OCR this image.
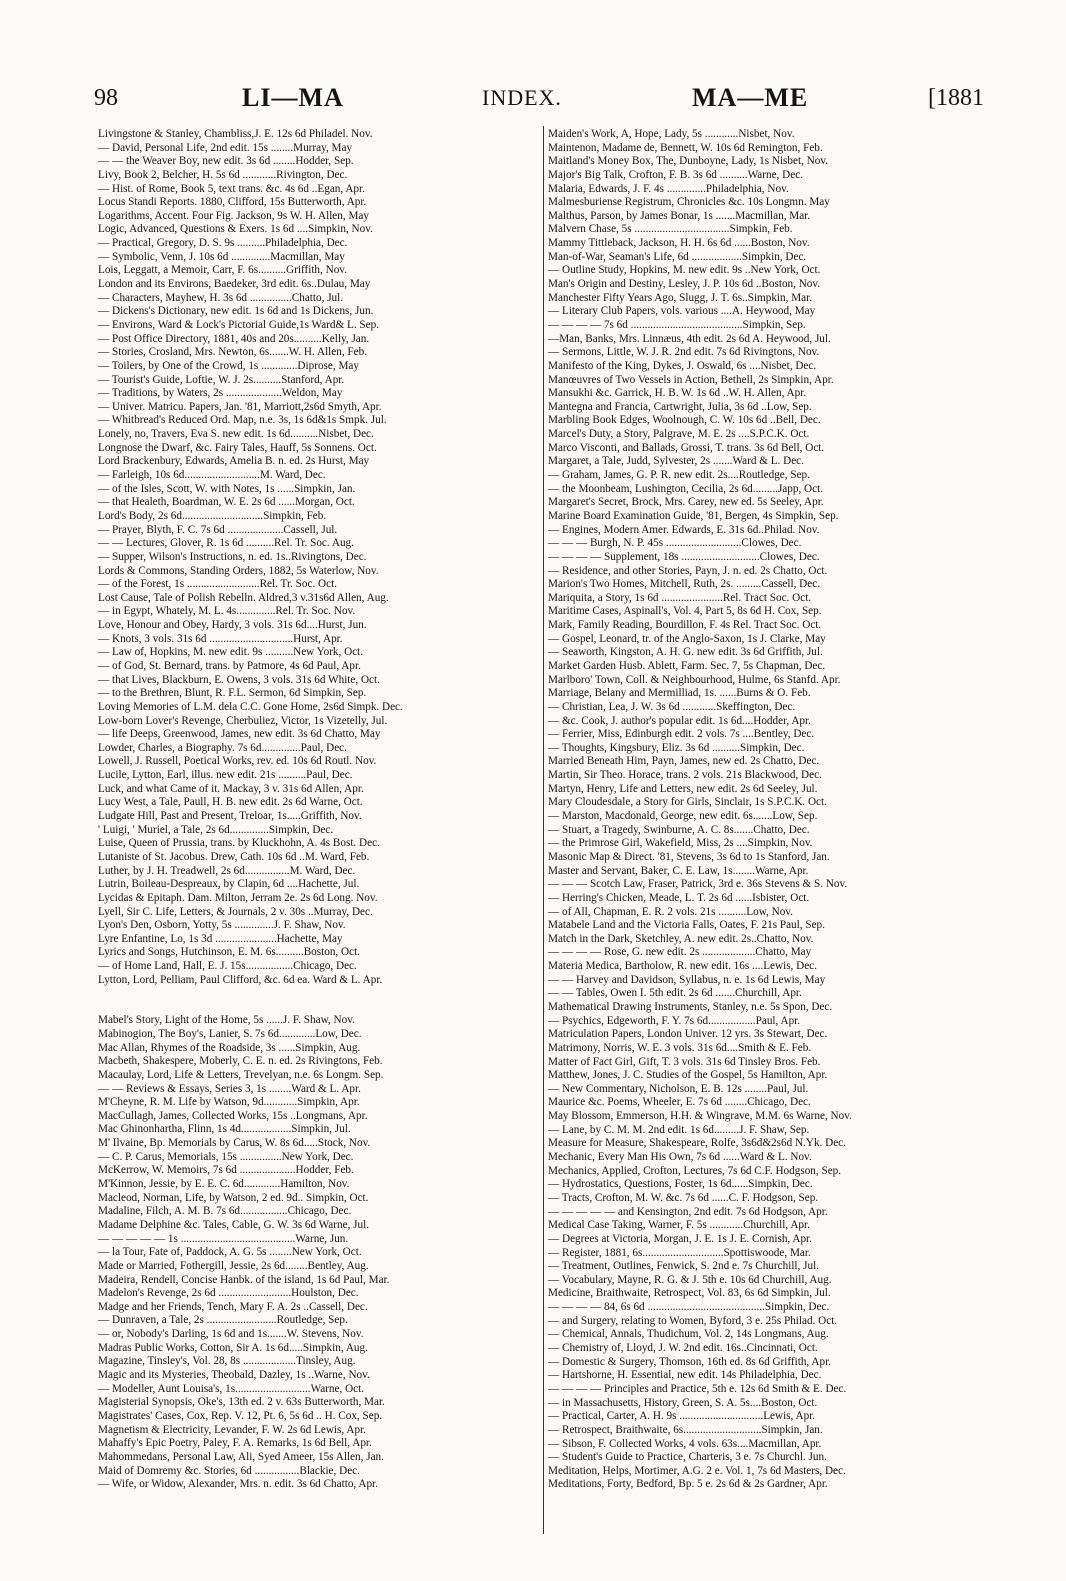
98	LI—MA	INDEX.	MA—ME	[1881
Livingstone & Stanley, Chambliss,J. E. 12s 6d Philadel. Nov.
— David, Personal Life, 2nd edit. 15s ........Murray, May
— — the Weaver Boy, new edit. 3s 6d ........Hodder, Sep.
Livy, Book 2, Belcher, H. 5s 6d ............Rivington, Dec.
— Hist. of Rome, Book 5, text trans. &c. 4s 6d ..Egan, Apr.
Locus Standi Reports. 1880, Clifford, 15s Butterworth, Apr.
Logarithms, Accent. Four Fig. Jackson, 9s W. H. Allen, May
Logic, Advanced, Questions & Exers. 1s 6d ....Simpkin, Nov.
— Practical, Gregory, D. S. 9s ..........Philadelphia, Dec.
— Symbolic, Venn, J. 10s 6d ..............Macmillan, May
Lois, Leggatt, a Memoir, Carr, F. 6s..........Griffith, Nov.
London and its Environs, Baedeker, 3rd edit. 6s..Dulau, May
— Characters, Mayhew, H. 3s 6d ...............Chatto, Jul.
— Dickens's Dictionary, new edit. 1s 6d and 1s Dickens, Jun.
— Environs, Ward & Lock's Pictorial Guide,1s Ward& L. Sep.
— Post Office Directory, 1881, 40s and 20s..........Kelly, Jan.
— Stories, Crosland, Mrs. Newton, 6s.......W. H. Allen, Feb.
— Toilers, by One of the Crowd, 1s .............Diprose, May
— Tourist's Guide, Loftie, W. J. 2s..........Stanford, Apr.
— Traditions, by Waters, 2s ....................Weldon, May
— Univer. Matricu. Papers, Jan. '81, Marriott,2s6d Smyth, Apr.
— Whitbread's Reduced Ord. Map, n.e. 3s, 1s 6d&1s Smpk. Jul.
Lonely, no, Travers, Eva S. new edit. 1s 6d..........Nisbet, Dec.
Longnose the Dwarf, &c. Fairy Tales, Hauff, 5s Sonnens. Oct.
Lord Brackenbury, Edwards, Amelia B. n. ed. 2s Hurst, May
— Farleigh, 10s 6d...........................M. Ward, Dec.
— of the Isles, Scott, W. with Notes, 1s ......Simpkin, Jan.
— that Healeth, Boardman, W. E. 2s 6d ......Morgan, Oct.
Lord's Body, 2s 6d.............................Simpkin, Feb.
— Prayer, Blyth, F. C. 7s 6d ....................Cassell, Jul.
— — Lectures, Glover, R. 1s 6d ..........Rel. Tr. Soc. Aug.
— Supper, Wilson's Instructions, n. ed. 1s..Rivingtons, Dec.
Lords & Commons, Standing Orders, 1882, 5s Waterlow, Nov.
— of the Forest, 1s ..........................Rel. Tr. Soc. Oct.
Lost Cause, Tale of Polish Rebelln. Aldred,3 v.31s6d Allen, Aug.
— in Egypt, Whately, M. L. 4s..............Rel. Tr. Soc. Nov.
Love, Honour and Obey, Hardy, 3 vols. 31s 6d....Hurst, Jun.
— Knots, 3 vols. 31s 6d ..............................Hurst, Apr.
— Law of, Hopkins, M. new edit. 9s ..........New York, Oct.
— of God, St. Bernard, trans. by Patmore, 4s 6d Paul, Apr.
— that Lives, Blackburn, E. Owens, 3 vols. 31s 6d White, Oct.
— to the Brethren, Blunt, R. F.L. Sermon, 6d Simpkin, Sep.
Loving Memories of L.M. dela C.C. Gone Home, 2s6d Simpk. Dec.
Low-born Lover's Revenge, Cherbuliez, Victor, 1s Vizetelly, Jul.
— life Deeps, Greenwood, James, new edit. 3s 6d Chatto, May
Lowder, Charles, a Biography. 7s 6d..............Paul, Dec.
Lowell, J. Russell, Poetical Works, rev. ed. 10s 6d Routl. Nov.
Lucile, Lytton, Earl, illus. new edit. 21s ..........Paul, Dec.
Luck, and what Came of it. Mackay, 3 v. 31s 6d Allen, Apr.
Lucy West, a Tale, Paull, H. B. new edit. 2s 6d Warne, Oct.
Ludgate Hill, Past and Present, Treloar, 1s.....Griffith, Nov.
' Luigi, ' Muriel, a Tale, 2s 6d..............Simpkin, Dec.
Luise, Queen of Prussia, trans. by Kluckhohn, A. 4s Bost. Dec.
Lutaniste of St. Jacobus. Drew, Cath. 10s 6d ..M. Ward, Feb.
Luther, by J. H. Treadwell, 2s 6d................M. Ward, Dec.
Lutrin, Boileau-Despreaux, by Clapin, 6d ....Hachette, Jul.
Lycidas & Epitaph. Dam. Milton, Jerram 2e. 2s 6d Long. Nov.
Lyell, Sir C. Life, Letters, & Journals, 2 v. 30s ..Murray, Dec.
Lyon's Den, Osborn, Yotty, 5s ..............J. F. Shaw, Nov.
Lyre Enfantine, Lo, 1s 3d ......................Hachette, May
Lyrics and Songs, Hutchinson, E. M. 6s..........Boston, Oct.
— of Home Land, Hall, E. J. 15s.................Chicago, Dec.
Lytton, Lord, Pelliam, Paul Clifford, &c. 6d ea. Ward & L. Apr.
Mabel's Story, Light of the Home, 5s ......J. F. Shaw, Nov.
Mabinogion, The Boy's, Lanier, S. 7s 6d.............Low, Dec.
Mac Allan, Rhymes of the Roadside, 3s ......Simpkin, Aug.
Macbeth, Shakespere, Moberly, C. E. n. ed. 2s Rivingtons, Feb.
Macaulay, Lord, Life & Letters, Trevelyan, n.e. 6s Longm. Sep.
— — Reviews & Essays, Series 3, 1s ........Ward & L. Apr.
M'Cheyne, R. M. Life by Watson, 9d............Simpkin, Apr.
MacCullagh, James, Collected Works, 15s ..Longmans, Apr.
Mac Ghinonhartha, Flinn, 1s 4d..................Simpkin, Jul.
M' Ilvaine, Bp. Memorials by Carus, W. 8s 6d.....Stock, Nov.
— C. P. Carus, Memorials, 15s ...............New York, Dec.
McKerrow, W. Memoirs, 7s 6d ....................Hodder, Feb.
M'Kinnon, Jessie, by E. E. C. 6d.............Hamilton, Nov.
Macleod, Norman, Life, by Watson, 2 ed. 9d.. Simpkin, Oct.
Madaline, Filch, A. M. B. 7s 6d.................Chicago, Dec.
Madame Delphine &c. Tales, Cable, G. W. 3s 6d Warne, Jul.
— — — — — 1s .........................................Warne, Jun.
— la Tour, Fate of, Paddock, A. G. 5s ........New York, Oct.
Made or Married, Fothergill, Jessie, 2s 6d........Bentley, Aug.
Madeira, Rendell, Concise Hanbk. of the island, 1s 6d Paul, Mar.
Madelon's Revenge, 2s 6d ..........................Houlston, Dec.
Madge and her Friends, Tench, Mary F. A. 2s ..Cassell, Dec.
— Dunraven, a Tale, 2s .........................Routledge, Sep.
— or, Nobody's Darling, 1s 6d and 1s.......W. Stevens, Nov.
Madras Public Works, Cotton, Sir A. 1s 6d.....Simpkin, Aug.
Magazine, Tinsley's, Vol. 28, 8s ...................Tinsley, Aug.
Magic and its Mysteries, Theobald, Dazley, 1s ..Warne, Nov.
— Modeller, Aunt Louisa's, 1s...........................Warne, Oct.
Magisterial Synopsis, Oke's, 13th ed. 2 v. 63s Butterworth, Mar.
Magistrates' Cases, Cox, Rep. V. 12, Pt. 6, 5s 6d .. H. Cox, Sep.
Magnetism & Electricity, Levander, F. W. 2s 6d Lewis, Apr.
Mahaffy's Epic Poetry, Paley, F. A. Remarks, 1s 6d Bell, Apr.
Mahommedans, Personal Law, Ali, Syed Ameer, 15s Allen, Jan.
Maid of Domremy &c. Stories, 6d ................Blackie, Dec.
— Wife, or Widow, Alexander, Mrs. n. edit. 3s 6d Chatto, Apr.
Maiden's Work, A, Hope, Lady, 5s ............Nisbet, Nov.
Maintenon, Madame de, Bennett, W. 10s 6d Remington, Feb.
Maitland's Money Box, The, Dunboyne, Lady, 1s Nisbet, Nov.
Major's Big Talk, Crofton, F. B. 3s 6d ..........Warne, Dec.
Malaria, Edwards, J. F. 4s ..............Philadelphia, Nov.
Malmesburiense Registrum, Chronicles &c. 10s Longmn. May
Malthus, Parson, by James Bonar, 1s .......Macmillan, Mar.
Malvern Chase, 5s ..................................Simpkin, Feb.
Mammy Tittleback, Jackson, H. H. 6s 6d ......Boston, Nov.
Man-of-War, Seaman's Life, 6d ..................Simpkin, Dec.
— Outline Study, Hopkins, M. new edit. 9s ..New York, Oct.
Man's Origin and Destiny, Lesley, J. P. 10s 6d ..Boston, Nov.
Manchester Fifty Years Ago, Slugg, J. T. 6s..Simpkin, Mar.
— Literary Club Papers, vols. various ....A. Heywood, May
— — — — 7s 6d ........................................Simpkin, Sep.
—Man, Banks, Mrs. Linnæus, 4th edit. 2s 6d A. Heywood, Jul.
— Sermons, Little, W. J. R. 2nd edit. 7s 6d Rivingtons, Nov.
Manifesto of the King, Dykes, J. Oswald, 6s ....Nisbet, Dec.
Manœuvres of Two Vessels in Action, Bethell, 2s Simpkin, Apr.
Mansukhi &c. Garrick, H. B. W. 1s 6d ..W. H. Allen, Apr.
Mantegna and Francia, Cartwright, Julia, 3s 6d ..Low, Sep.
Marbling Book Edges, Woolnough, C. W. 10s 6d ..Bell, Dec.
Marcel's Duty, a Story, Palgrave, M. E. 2s ....S.P.C.K. Oct.
Marco Visconti, and Ballads, Grossi, T. trans. 3s 6d Bell, Oct.
Margaret, a Tale, Judd, Sylvester, 2s .......Ward & L. Dec.
— Graham, James, G. P. R. new edit. 2s....Routledge, Sep.
— the Moonbeam, Lushington, Cecilia, 2s 6d.........Japp, Oct.
Margaret's Secret, Brock, Mrs. Carey, new ed. 5s Seeley, Apr.
Marine Board Examination Guide, '81, Bergen, 4s Simpkin, Sep.
— Engines, Modern Amer. Edwards, E. 31s 6d..Philad. Nov.
— — — Burgh, N. P. 45s ...........................Clowes, Dec.
— — — — Supplement, 18s ............................Clowes, Dec.
— Residence, and other Stories, Payn, J. n. ed. 2s Chatto, Oct.
Marion's Two Homes, Mitchell, Ruth, 2s. .........Cassell, Dec.
Mariquita, a Story, 1s 6d ......................Rel. Tract Soc. Oct.
Maritime Cases, Aspinall's, Vol. 4, Part 5, 8s 6d H. Cox, Sep.
Mark, Family Reading, Bourdillon, F. 4s Rel. Tract Soc. Oct.
— Gospel, Leonard, tr. of the Anglo-Saxon, 1s J. Clarke, May
— Seaworth, Kingston, A. H. G. new edit. 3s 6d Griffith, Jul.
Market Garden Husb. Ablett, Farm. Sec. 7, 5s Chapman, Dec.
Marlboro' Town, Coll. & Neighbourhood, Hulme, 6s Stanfd. Apr.
Marriage, Belany and Mermilliad, 1s. ......Burns & O. Feb.
— Christian, Lea, J. W. 3s 6d ............Skeffington, Dec.
— &c. Cook, J. author's popular edit. 1s 6d....Hodder, Apr.
— Ferrier, Miss, Edinburgh edit. 2 vols. 7s ....Bentley, Dec.
— Thoughts, Kingsbury, Eliz. 3s 6d ..........Simpkin, Dec.
Married Beneath Him, Payn, James, new ed. 2s Chatto, Dec.
Martin, Sir Theo. Horace, trans. 2 vols. 21s Blackwood, Dec.
Martyn, Henry, Life and Letters, new edit. 2s 6d Seeley, Jul.
Mary Cloudesdale, a Story for Girls, Sinclair, 1s S.P.C.K. Oct.
— Marston, Macdonald, George, new edit. 6s.......Low, Sep.
— Stuart, a Tragedy, Swinburne, A. C. 8s.......Chatto, Dec.
— the Primrose Girl, Wakefield, Miss, 2s ....Simpkin, Nov.
Masonic Map & Direct. '81, Stevens, 3s 6d to 1s Stanford, Jan.
Master and Servant, Baker, C. E. Law, 1s........Warne, Apr.
— — — Scotch Law, Fraser, Patrick, 3rd e. 36s Stevens & S. Nov.
— Herring's Chicken, Meade, L. T. 2s 6d ......Isbister, Oct.
— of All, Chapman, E. R. 2 vols. 21s ..........Low, Nov.
Matabele Land and the Victoria Falls, Oates, F. 21s Paul, Sep.
Match in the Dark, Sketchley, A. new edit. 2s..Chatto, Nov.
— — — — Rose, G. new edit. 2s ...................Chatto, May
Materia Medica, Bartholow, R. new edit. 16s ....Lewis, Dec.
— — Harvey and Davidson, Syllabus, n. e. 1s 6d Lewis, May
— — Tables, Owen I. 5th edit. 2s 6d .......Churchill, Apr.
Mathematical Drawing Instruments, Stanley, n.e. 5s Spon, Dec.
— Psychics, Edgeworth, F. Y. 7s 6d.................Paul, Apr.
Matriculation Papers, London Univer. 12 yrs. 3s Stewart, Dec.
Matrimony, Norris, W. E. 3 vols. 31s 6d....Smith & E. Feb.
Matter of Fact Girl, Gift, T. 3 vols. 31s 6d Tinsley Bros. Feb.
Matthew, Jones, J. C. Studies of the Gospel, 5s Hamilton, Apr.
— New Commentary, Nicholson, E. B. 12s ........Paul, Jul.
Maurice &c. Poems, Wheeler, E. 7s 6d ........Chicago, Dec.
May Blossom, Emmerson, H.H. & Wingrave, M.M. 6s Warne, Nov.
— Lane, by C. M. M. 2nd edit. 1s 6d.........J. F. Shaw, Sep.
Measure for Measure, Shakespeare, Rolfe, 3s6d&2s6d N.Yk. Dec.
Mechanic, Every Man His Own, 7s 6d ......Ward & L. Nov.
Mechanics, Applied, Crofton, Lectures, 7s 6d C.F. Hodgson, Sep.
— Hydrostatics, Questions, Foster, 1s 6d......Simpkin, Dec.
— Tracts, Crofton, M. W. &c. 7s 6d ......C. F. Hodgson, Sep.
— — — — — and Kensington, 2nd edit. 7s 6d Hodgson, Apr.
Medical Case Taking, Warner, F. 5s ............Churchill, Apr.
— Degrees at Victoria, Morgan, J. E. 1s J. E. Cornish, Apr.
— Register, 1881, 6s.............................Spottiswoode, Mar.
— Treatment, Outlines, Fenwick, S. 2nd e. 7s Churchill, Jul.
— Vocabulary, Mayne, R. G. & J. 5th e. 10s 6d Churchill, Aug.
Medicine, Braithwaite, Retrospect, Vol. 83, 6s 6d Simpkin, Jul.
— — — — 84, 6s 6d ..........................................Simpkin, Dec.
— and Surgery, relating to Women, Byford, 3 e. 25s Philad. Oct.
— Chemical, Annals, Thudichum, Vol. 2, 14s Longmans, Aug.
— Chemistry of, Lloyd, J. W. 2nd edit. 16s..Cincinnati, Oct.
— Domestic & Surgery, Thomson, 16th ed. 8s 6d Griffith, Apr.
— Hartshorne, H. Essential, new edit. 14s Philadelphia, Dec.
— — — — Principles and Practice, 5th e. 12s 6d Smith & E. Dec.
— in Massachusetts, History, Green, S. A. 5s....Boston, Oct.
— Practical, Carter, A. H. 9s ..............................Lewis, Apr.
— Retrospect, Braithwaite, 6s............................Simpkin, Jan.
— Sibson, F. Collected Works, 4 vols. 63s....Macmillan, Apr.
— Student's Guide to Practice, Charteris, 3 e. 7s Churchl. Jun.
Meditation, Helps, Mortimer, A.G. 2 e. Vol. 1, 7s 6d Masters, Dec.
Meditations, Forty, Bedford, Bp. 5 e. 2s 6d & 2s Gardner, Apr.
